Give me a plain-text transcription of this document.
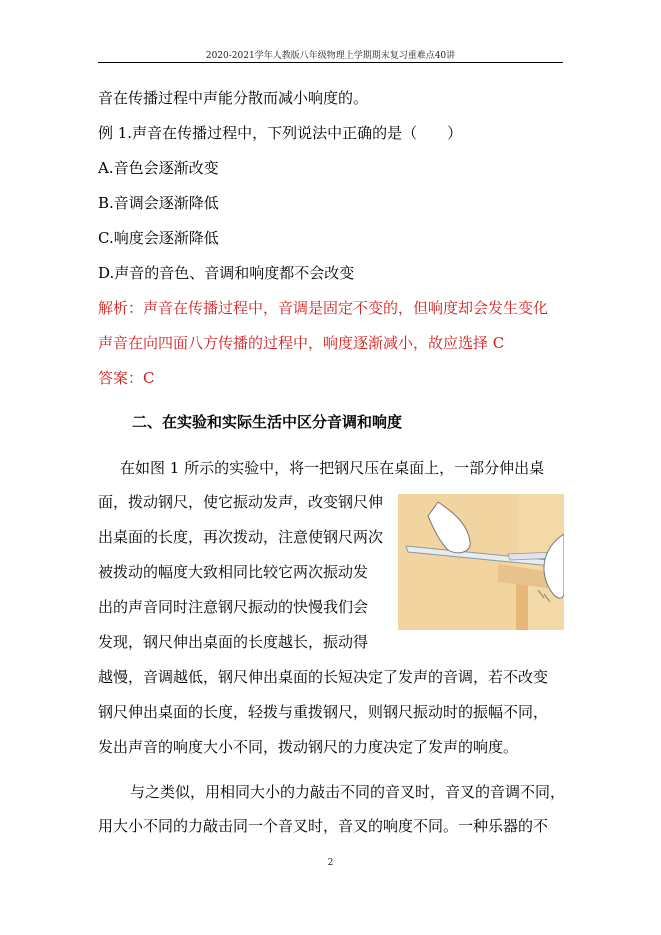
2020-2021学年人教版八年级物理上学期期末复习重难点40讲
音在传播过程中声能分散而减小响度的。
例 1.声音在传播过程中，下列说法中正确的是（　　）
A.音色会逐渐改变
B.音调会逐渐降低
C.响度会逐渐降低
D.声音的音色、音调和响度都不会改变
解析：声音在传播过程中，音调是固定不变的，但响度却会发生变化
声音在向四面八方传播的过程中，响度逐渐减小，故应选择 C
答案：C
二、在实验和实际生活中区分音调和响度
在如图 1 所示的实验中，将一把钢尺压在桌面上，一部分伸出桌
面，拨动钢尺，使它振动发声，改变钢尺伸
出桌面的长度，再次拨动，注意使钢尺两次
被拨动的幅度大致相同比较它两次振动发
出的声音同时注意钢尺振动的快慢我们会
发现，钢尺伸出桌面的长度越长，振动得
越慢，音调越低，钢尺伸出桌面的长短决定了发声的音调，若不改变
钢尺伸出桌面的长度，轻拨与重拨钢尺，则钢尺振动时的振幅不同，
发出声音的响度大小不同，拨动钢尺的力度决定了发声的响度。
与之类似，用相同大小的力敲击不同的音叉时，音叉的音调不同，
用大小不同的力敲击同一个音叉时，音叉的响度不同。一种乐器的不
2
